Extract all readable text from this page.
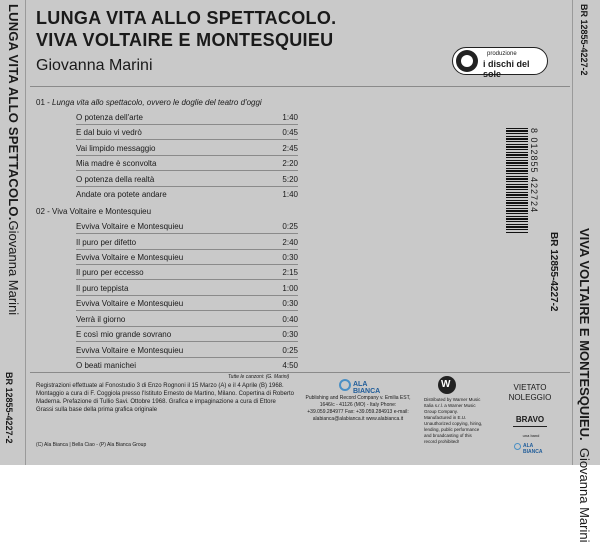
LUNGA VITA ALLO SPETTACOLO.Giovanna Marini
BR 12855-4227-2
BR 12855-4227-2
VIVA VOLTAIRE E MONTESQUIEU.  Giovanna Marini
LUNGA VITA ALLO SPETTACOLO.
VIVA VOLTAIRE E MONTESQUIEU
Giovanna Marini
produzione
i dischi del sole
01 - Lunga vita allo spettacolo, ovvero le doglie del teatro d'oggi
O potenza dell'arte	1:40
E dal buio vi vedrò	0:45
Vai limpido messaggio	2:45
Mia madre è sconvolta	2:20
O potenza della realtà	5:20
Andate ora potete andare	1:40
02 - Viva Voltaire e Montesquieu
Evviva Voltaire e Montesquieu	0:25
Il puro per difetto	2:40
Evviva Voltaire e Montesquieu	0:30
Il puro per eccesso	2:15
Il puro teppista	1:00
Evviva Voltaire e Montesquieu	0:30
Verrà il giorno	0:40
E così mio grande sovrano	0:30
Evviva Voltaire e Montesquieu	0:25
O beati manichei	4:50
Tutte le canzoni: (G. Marini)
8 012855 422724
BR 12855-4227-2
Registrazioni effettuate al Fonostudio 3 di Enzo Rognoni il 15 Marzo (A) e il 4 Aprile (B) 1968. Montaggio a cura di F. Coggiola presso l'Istituto Ernesto de Martino, Milano. Copertina di Roberto Maderna. Prefazione di Tullio Savi. Ottobre 1968. Grafica e impaginazione a cura di Ettore Grassi sulla base della prima grafica originale
(C) Ala Bianca | Bella Ciao - (P) Ala Bianca Group
ALA BIANCA
Publishing and Record Company v. Emilia EST, 1646/c - 41126 (MO) - Italy Phone: +39.059.284977 Fax: +39.059.284913 e-mail: alabianca@alabianca.it www.alabianca.it
W
Distributed by Warner Music Italia s.r.l. a Warner Music Group Company. Manufactured in E.U. Unauthorized copying, hiring, lending, public performance and broadcasting of this record prohibited!
VIETATO NOLEGGIO
BRAVO
una band
ALA BIANCA
